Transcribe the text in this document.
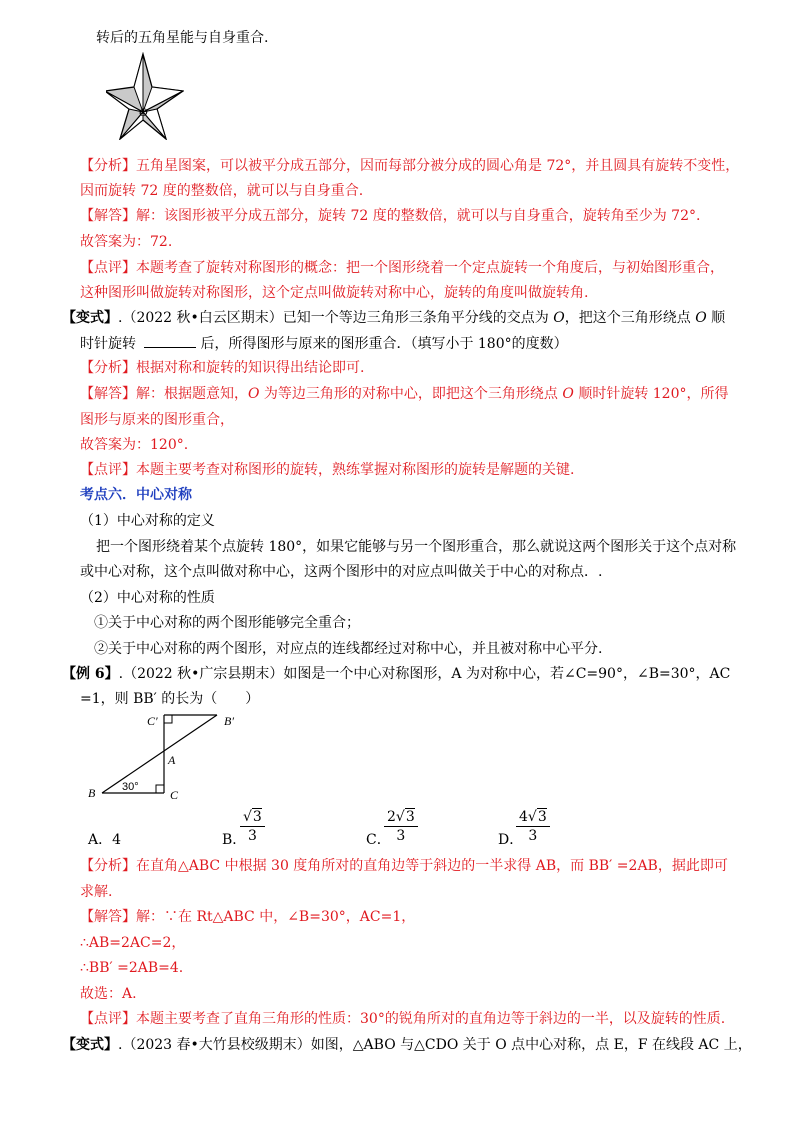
转后的五角星能与自身重合.
O
【分析】五角星图案，可以被平分成五部分，因而每部分被分成的圆心角是 72°，并且圆具有旋转不变性，
因而旋转 72 度的整数倍，就可以与自身重合.
【解答】解：该图形被平分成五部分，旋转 72 度的整数倍，就可以与自身重合，旋转角至少为 72°.
故答案为：72.
【点评】本题考查了旋转对称图形的概念：把一个图形绕着一个定点旋转一个角度后，与初始图形重合，
这种图形叫做旋转对称图形，这个定点叫做旋转对称中心，旋转的角度叫做旋转角.
【变式】.（2022 秋•白云区期末）已知一个等边三角形三条角平分线的交点为 O，把这个三角形绕点 O 顺
时针旋转	后，所得图形与原来的图形重合．（填写小于 180°的度数）
【分析】根据对称和旋转的知识得出结论即可.
【解答】解：根据题意知，O 为等边三角形的对称中心，即把这个三角形绕点 O 顺时针旋转 120°，所得
图形与原来的图形重合，
故答案为：120°.
【点评】本题主要考查对称图形的旋转，熟练掌握对称图形的旋转是解题的关键.
考点六．中心对称
（1）中心对称的定义
把一个图形绕着某个点旋转 180°，如果它能够与另一个图形重合，那么就说这两个图形关于这个点对称
或中心对称，这个点叫做对称中心，这两个图形中的对应点叫做关于中心的对称点．.
（2）中心对称的性质
①关于中心对称的两个图形能够完全重合；
②关于中心对称的两个图形，对应点的连线都经过对称中心，并且被对称中心平分.
【例 6】.（2022 秋•广宗县期末）如图是一个中心对称图形，A 为对称中心，若∠C=90°，∠B=30°，AC
=1，则 BB′ 的长为（　　）
B	C
A
C′	B′
30°
A．4	B．
$\frac{√3}{3}$	C．
$\frac{2√3}{3}$	D．
$\frac{4√3}{3}$
【分析】在直角△ABC 中根据 30 度角所对的直角边等于斜边的一半求得 AB，而 BB′ =2AB，据此即可
求解.
【解答】解：∵在 Rt△ABC 中，∠B=30°，AC=1，
∴AB=2AC=2，
∴BB′ =2AB=4.
故选：A.
【点评】本题主要考查了直角三角形的性质：30°的锐角所对的直角边等于斜边的一半，以及旋转的性质.
【变式】.（2023 春•大竹县校级期末）如图，△ABO 与△CDO 关于 O 点中心对称，点 E，F 在线段 AC 上，
